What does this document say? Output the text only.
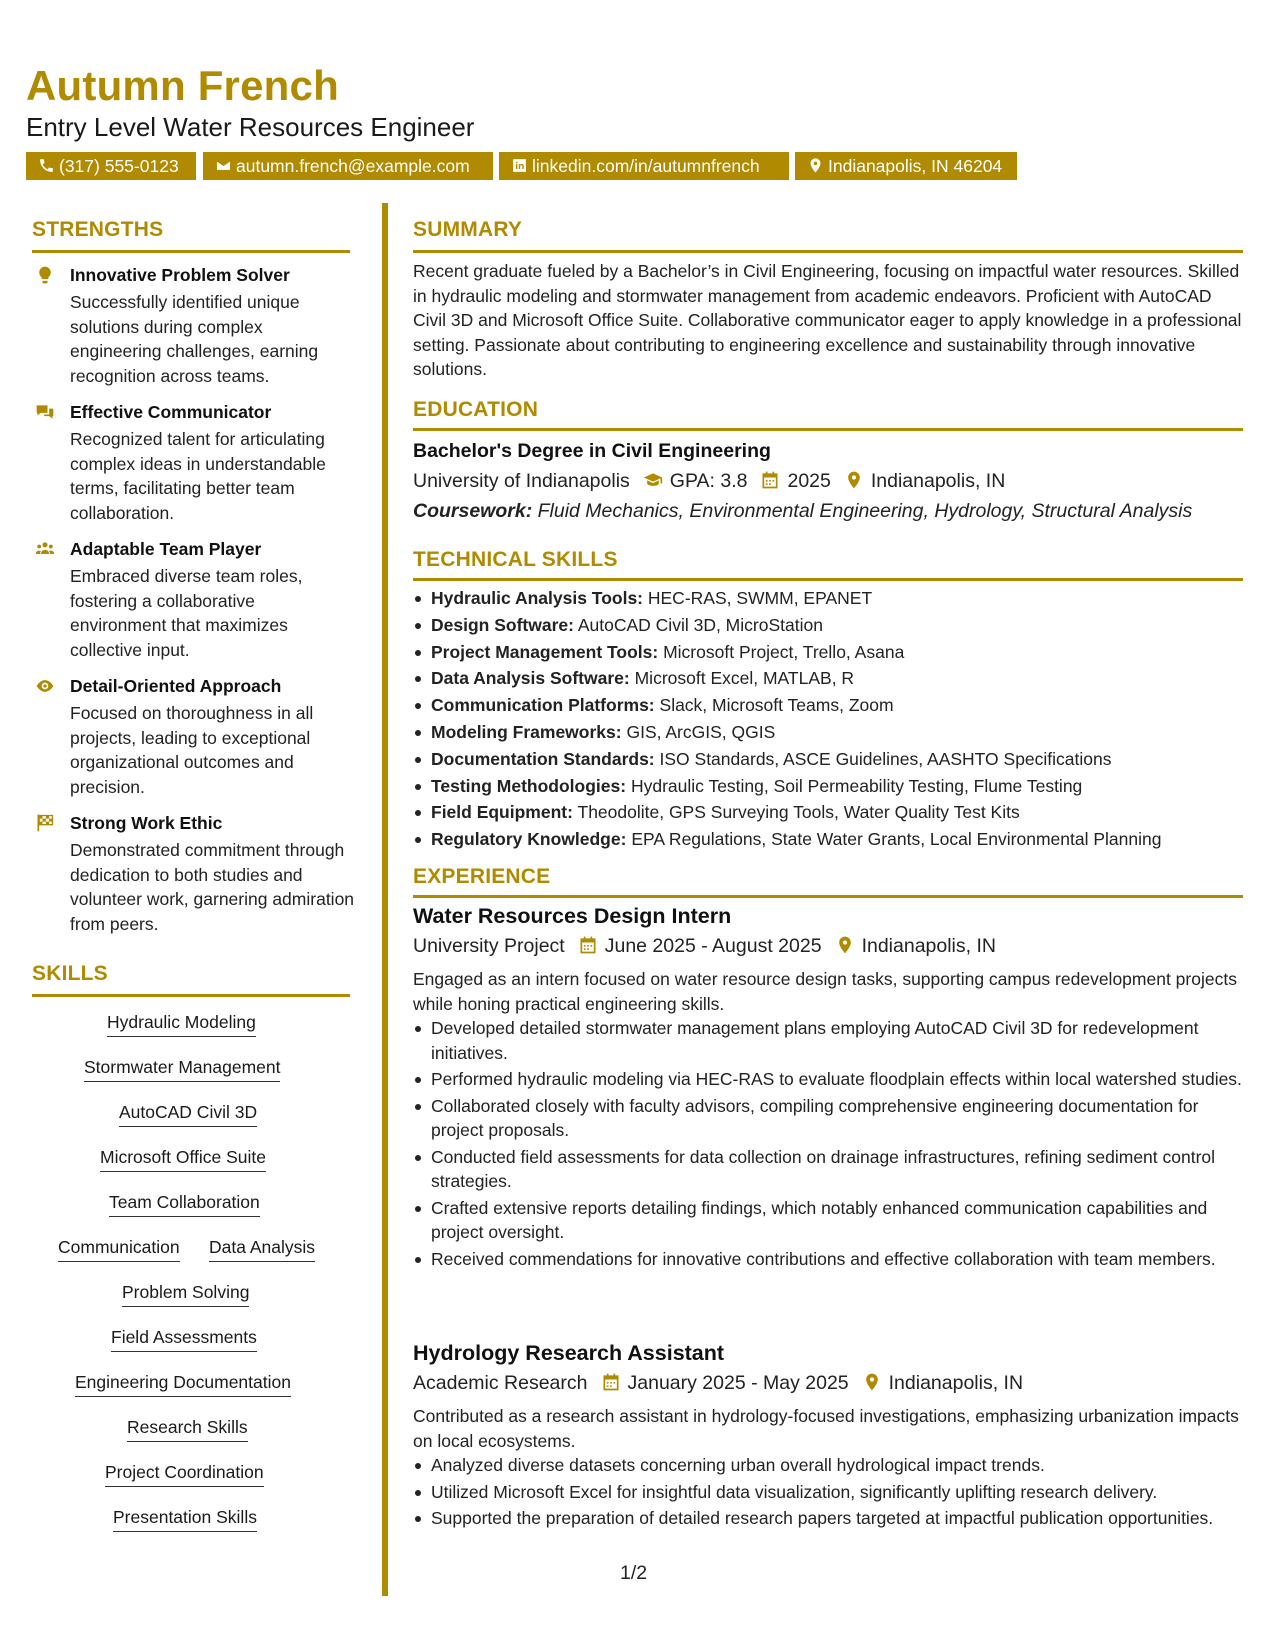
Autumn French
Entry Level Water Resources Engineer
(317) 555-0123	autumn.french@example.com	linkedin.com/in/autumnfrench	Indianapolis, IN 46204
STRENGTHS
Innovative Problem Solver
Successfully identified unique solutions during complex engineering challenges, earning recognition across teams.
Effective Communicator
Recognized talent for articulating complex ideas in understandable terms, facilitating better team collaboration.
Adaptable Team Player
Embraced diverse team roles, fostering a collaborative environment that maximizes collective input.
Detail-Oriented Approach
Focused on thoroughness in all projects, leading to exceptional organizational outcomes and precision.
Strong Work Ethic
Demonstrated commitment through dedication to both studies and volunteer work, garnering admiration from peers.
SKILLS
Hydraulic Modeling
Stormwater Management
AutoCAD Civil 3D
Microsoft Office Suite
Team Collaboration
Communication Data Analysis
Problem Solving
Field Assessments
Engineering Documentation
Research Skills
Project Coordination
Presentation Skills
SUMMARY
Recent graduate fueled by a Bachelor’s in Civil Engineering, focusing on impactful water resources. Skilled in hydraulic modeling and stormwater management from academic endeavors. Proficient with AutoCAD Civil 3D and Microsoft Office Suite. Collaborative communicator eager to apply knowledge in a professional setting. Passionate about contributing to engineering excellence and sustainability through innovative solutions.
EDUCATION
Bachelor's Degree in Civil Engineering
University of Indianapolis GPA: 3.8 2025 Indianapolis, IN
Coursework: Fluid Mechanics, Environmental Engineering, Hydrology, Structural Analysis
TECHNICAL SKILLS
Hydraulic Analysis Tools: HEC-RAS, SWMM, EPANET
Design Software: AutoCAD Civil 3D, MicroStation
Project Management Tools: Microsoft Project, Trello, Asana
Data Analysis Software: Microsoft Excel, MATLAB, R
Communication Platforms: Slack, Microsoft Teams, Zoom
Modeling Frameworks: GIS, ArcGIS, QGIS
Documentation Standards: ISO Standards, ASCE Guidelines, AASHTO Specifications
Testing Methodologies: Hydraulic Testing, Soil Permeability Testing, Flume Testing
Field Equipment: Theodolite, GPS Surveying Tools, Water Quality Test Kits
Regulatory Knowledge: EPA Regulations, State Water Grants, Local Environmental Planning
EXPERIENCE
Water Resources Design Intern
University Project June 2025 - August 2025 Indianapolis, IN
Engaged as an intern focused on water resource design tasks, supporting campus redevelopment projects while honing practical engineering skills.
Developed detailed stormwater management plans employing AutoCAD Civil 3D for redevelopment initiatives.
Performed hydraulic modeling via HEC-RAS to evaluate floodplain effects within local watershed studies.
Collaborated closely with faculty advisors, compiling comprehensive engineering documentation for project proposals.
Conducted field assessments for data collection on drainage infrastructures, refining sediment control strategies.
Crafted extensive reports detailing findings, which notably enhanced communication capabilities and project oversight.
Received commendations for innovative contributions and effective collaboration with team members.
Hydrology Research Assistant
Academic Research January 2025 - May 2025 Indianapolis, IN
Contributed as a research assistant in hydrology-focused investigations, emphasizing urbanization impacts on local ecosystems.
Analyzed diverse datasets concerning urban overall hydrological impact trends.
Utilized Microsoft Excel for insightful data visualization, significantly uplifting research delivery.
Supported the preparation of detailed research papers targeted at impactful publication opportunities.
1/2
